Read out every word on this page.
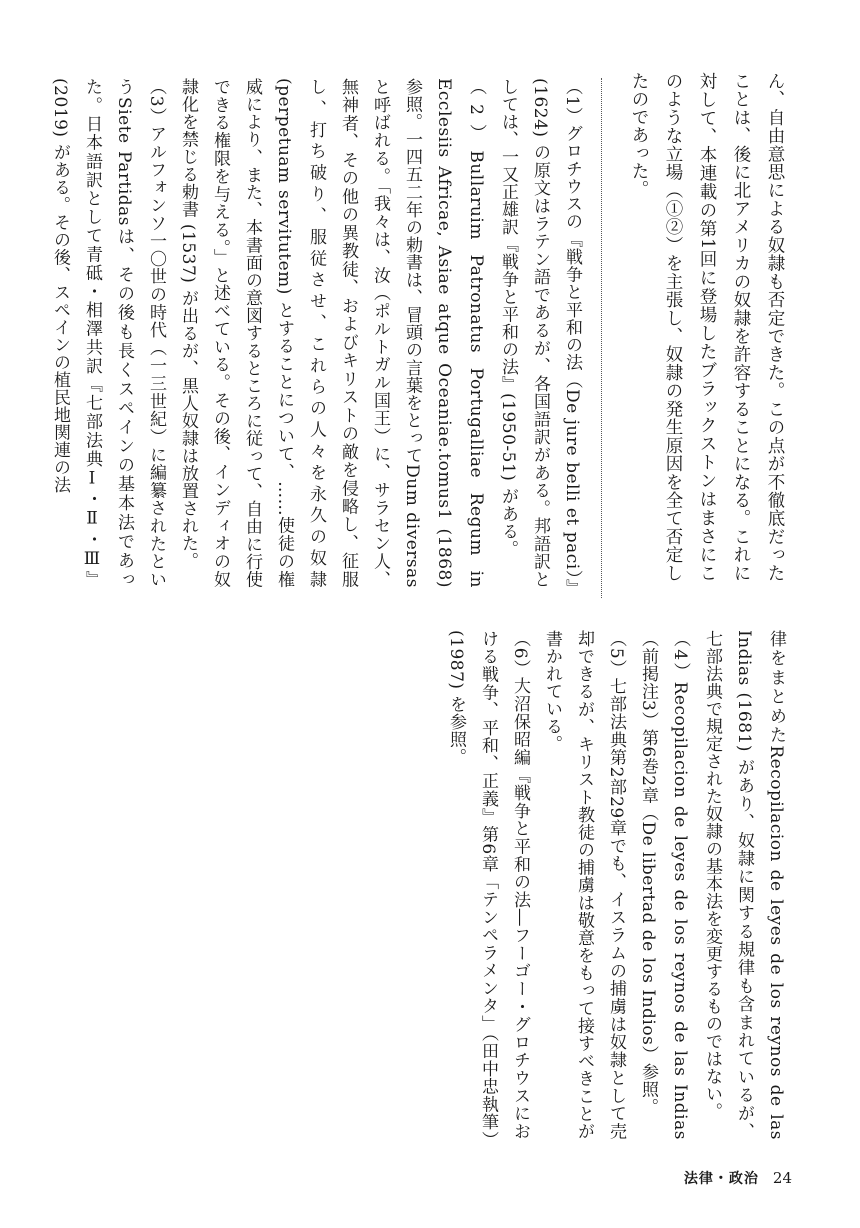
ん、自由意思による奴隷も否定できた。この点が不徹底だったことは、後に北アメリカの奴隷を許容することになる。これに対して、本連載の第1回に登場したブラックストンはまさにこのような立場（①②）を主張し、奴隷の発生原因を全て否定したのであった。

（1）グロチウスの『戦争と平和の法（De jure belli et paci）』(1624) の原文はラテン語であるが、各国語訳がある。邦語訳としては、一又正雄訳『戦争と平和の法』(1950-51) がある。

（2）Bullaruim Patronatus Portugalliae Regum in Ecclesiis Africae, Asiae atque Oceaniae.tomus1 (1868) 参照。一四五二年の勅書は、冒頭の言葉をとってDum diversasと呼ばれる。「我々は、汝（ポルトガル国王）に、サラセン人、無神者、その他の異教徒、およびキリストの敵を侵略し、征服し、打ち破り、服従させ、これらの人々を永久の奴隷(perpetuam servitutem) とすることについて、……使徒の権威により、また、本書面の意図するところに従って、自由に行使できる権限を与える。」と述べている。その後、インディオの奴隷化を禁じる勅書 (1537) が出るが、黒人奴隷は放置された。

（3）アルフォンソ一〇世の時代（一三世紀）に編纂されたというSiete Partidasは、その後も長くスペインの基本法であった。日本語訳として青砥・相澤共訳『七部法典Ⅰ・Ⅱ・Ⅲ』(2019) がある。その後、スペインの植民地関連の法

律をまとめたRecopilacion de leyes de los reynos de las Indias (1681) があり、奴隷に関する規律も含まれているが、七部法典で規定された奴隷の基本法を変更するものではない。

（4）Recopilacion de leyes de los reynos de las Indias（前掲注3）第6巻2章（De libertad de los Indios）参照。

（5）七部法典第2部29章でも、イスラムの捕虜は奴隷として売却できるが、キリスト教徒の捕虜は敬意をもって接すべきことが書かれている。

（6）大沼保昭編『戦争と平和の法―フーゴー・グロチウスにおける戦争、平和、正義』第6章「テンペラメンタ」（田中忠執筆）(1987) を参照。

法律・政治 24
